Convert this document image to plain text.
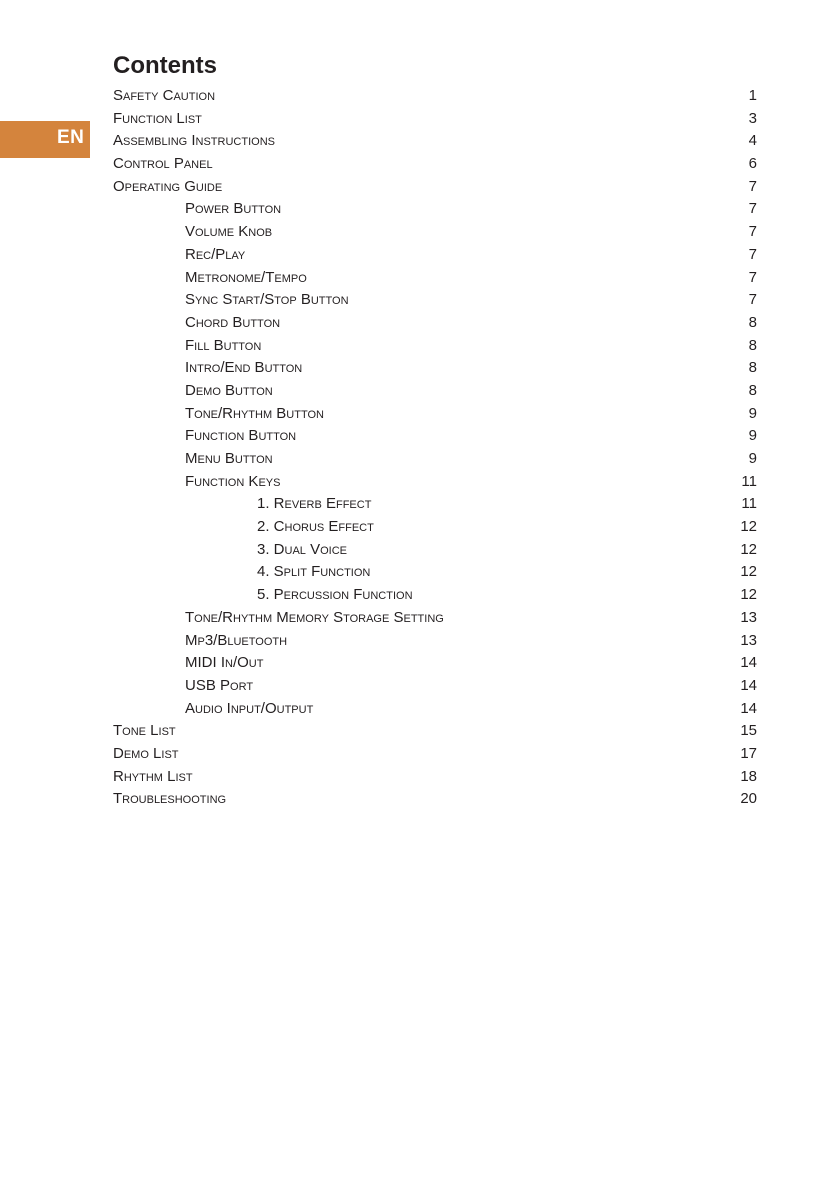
EN
Contents
Safety Caution	1
Function List	3
Assembling Instructions	4
Control Panel	6
Operating Guide	7
Power Button	7
Volume Knob	7
Rec/Play	7
Metronome/Tempo	7
Sync Start/Stop Button	7
Chord Button	8
Fill Button	8
Intro/End Button	8
Demo Button	8
Tone/Rhythm Button	9
Function Button	9
Menu Button	9
Function Keys	11
1. Reverb Effect	11
2. Chorus Effect	12
3. Dual Voice	12
4. Split Function	12
5. Percussion Function	12
Tone/Rhythm Memory Storage Setting	13
Mp3/Bluetooth	13
MIDI In/Out	14
USB Port	14
Audio Input/Output	14
Tone List	15
Demo List	17
Rhythm List	18
Troubleshooting	20
